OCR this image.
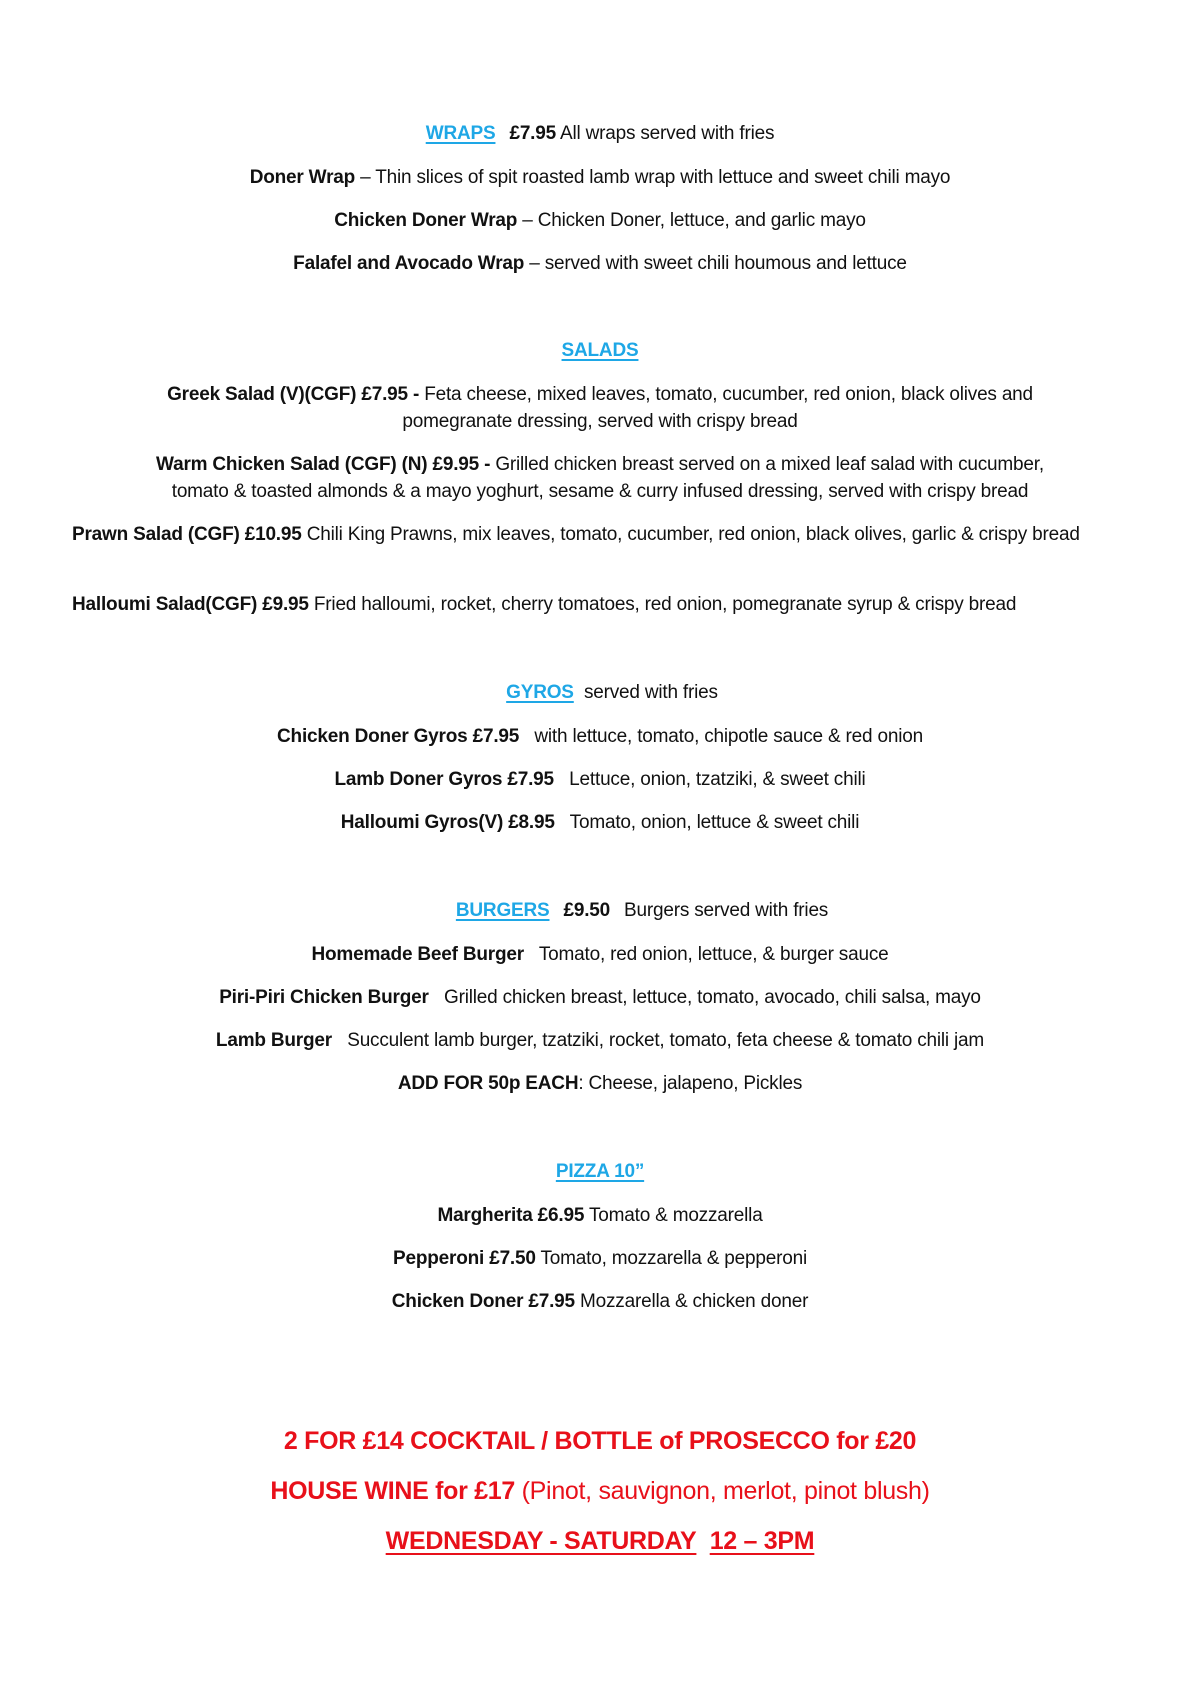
WRAPS £7.95 All wraps served with fries
Doner Wrap – Thin slices of spit roasted lamb wrap with lettuce and sweet chili mayo
Chicken Doner Wrap – Chicken Doner, lettuce, and garlic mayo
Falafel and Avocado Wrap – served with sweet chili houmous and lettuce
SALADS
Greek Salad (V)(CGF) £7.95 - Feta cheese, mixed leaves, tomato, cucumber, red onion, black olives and
pomegranate dressing, served with crispy bread
Warm Chicken Salad (CGF) (N) £9.95 - Grilled chicken breast served on a mixed leaf salad with cucumber,
tomato & toasted almonds & a mayo yoghurt, sesame & curry infused dressing, served with crispy bread
Prawn Salad (CGF) £10.95 Chili King Prawns, mix leaves, tomato, cucumber, red onion, black olives, garlic & crispy bread
Halloumi Salad(CGF) £9.95 Fried halloumi, rocket, cherry tomatoes, red onion, pomegranate syrup & crispy bread
GYROS served with fries
Chicken Doner Gyros £7.95 with lettuce, tomato, chipotle sauce & red onion
Lamb Doner Gyros £7.95 Lettuce, onion, tzatziki, & sweet chili
Halloumi Gyros(V) £8.95 Tomato, onion, lettuce & sweet chili
BURGERS £9.50 Burgers served with fries
Homemade Beef Burger Tomato, red onion, lettuce, & burger sauce
Piri-Piri Chicken Burger Grilled chicken breast, lettuce, tomato, avocado, chili salsa, mayo
Lamb Burger Succulent lamb burger, tzatziki, rocket, tomato, feta cheese & tomato chili jam
ADD FOR 50p EACH: Cheese, jalapeno, Pickles
PIZZA 10”
Margherita £6.95 Tomato & mozzarella
Pepperoni £7.50 Tomato, mozzarella & pepperoni
Chicken Doner £7.95 Mozzarella & chicken doner
2 FOR £14 COCKTAIL / BOTTLE of PROSECCO for £20
HOUSE WINE for £17 (Pinot, sauvignon, merlot, pinot blush)
WEDNESDAY - SATURDAY 12 – 3PM
